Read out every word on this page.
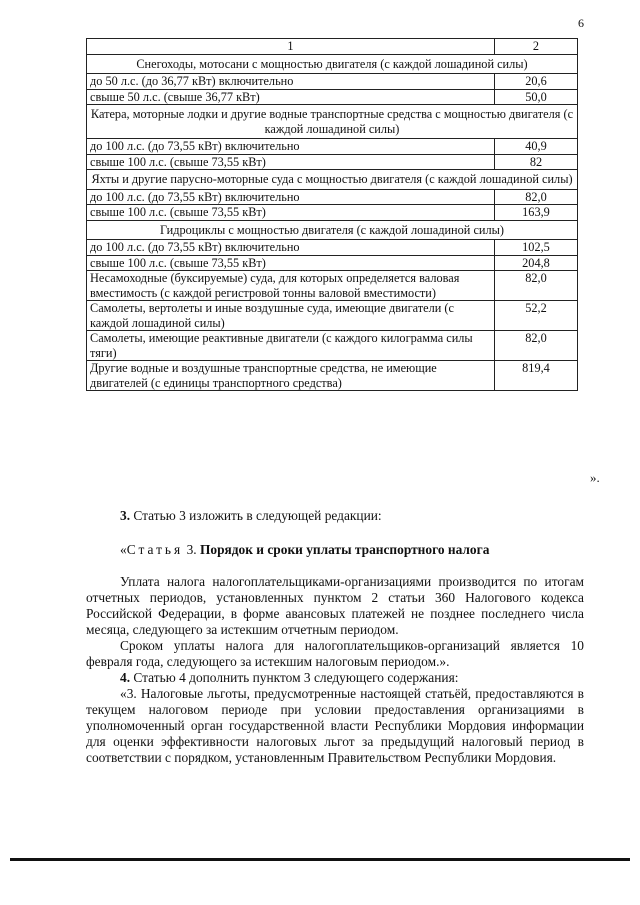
6
1	2
Снегоходы, мотосани с мощностью двигателя (с каждой лошадиной силы)	
до 50 л.с. (до 36,77 кВт) включительно	20,6
свыше 50 л.с. (свыше 36,77 кВт)	50,0
Катера, моторные лодки и другие водные транспортные средства с мощностью двигателя (с каждой лошадиной силы)	
до 100 л.с. (до 73,55 кВт) включительно	40,9
свыше 100 л.с. (свыше 73,55 кВт)	82
Яхты и другие парусно-моторные суда с мощностью двигателя (с каждой лошадиной силы)	
до 100 л.с. (до 73,55 кВт) включительно	82,0
свыше 100 л.с. (свыше 73,55 кВт)	163,9
Гидроциклы с мощностью двигателя (с каждой лошадиной силы)	
до 100 л.с. (до 73,55 кВт) включительно	102,5
свыше 100 л.с. (свыше 73,55 кВт)	204,8
Несамоходные (буксируемые) суда, для которых определяется валовая вместимость (с каждой регистровой тонны валовой вместимости)	82,0
Самолеты, вертолеты и иные воздушные суда, имеющие двигатели (с каждой лошадиной силы)	52,2
Самолеты, имеющие реактивные двигатели (с каждого килограмма силы тяги)	82,0
Другие водные и воздушные транспортные средства, не имеющие двигателей (с единицы транспортного средства)	819,4
».

3. Статью 3 изложить в следующей редакции:

«Статья 3. Порядок и сроки уплаты транспортного налога

Уплата налога налогоплательщиками-организациями производится по итогам отчетных периодов, установленных пунктом 2 статьи 360 Налогового кодекса Российской Федерации, в форме авансовых платежей не позднее последнего числа месяца, следующего за истекшим отчетным периодом.

Сроком уплаты налога для налогоплательщиков-организаций является 10 февраля года, следующего за истекшим налоговым периодом.».

4. Статью 4 дополнить пунктом 3 следующего содержания:

«3. Налоговые льготы, предусмотренные настоящей статьёй, предоставляются в текущем налоговом периоде при условии предоставления организациями в уполномоченный орган государственной власти Республики Мордовия информации для оценки эффективности налоговых льгот за предыдущий налоговый период в соответствии с порядком, установленным Правительством Республики Мордовия.
